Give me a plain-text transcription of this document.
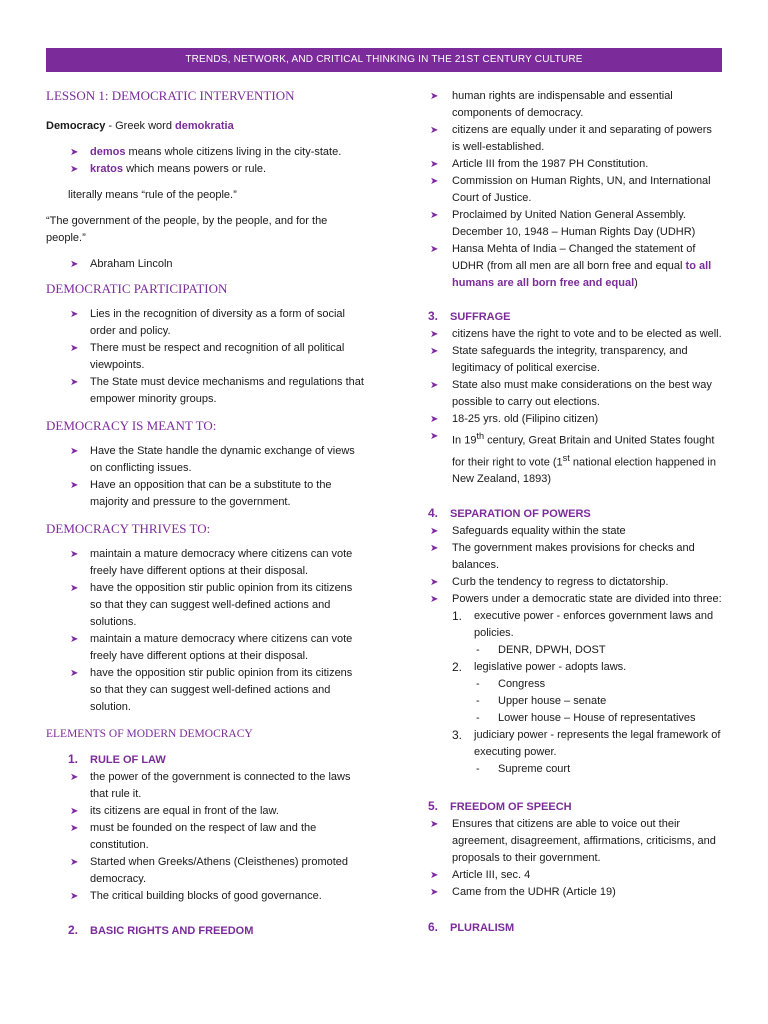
TRENDS, NETWORK, AND CRITICAL THINKING IN THE 21ST CENTURY CULTURE
LESSON 1: DEMOCRATIC INTERVENTION

Democracy - Greek word demokratia

➤ demos means whole citizens living in the city-state.
➤ kratos which means powers or rule.

literally means “rule of the people.”

“The government of the people, by the people, and for the people.”

➤ Abraham Lincoln
DEMOCRATIC PARTICIPATION
➤ Lies in the recognition of diversity as a form of social order and policy.
➤ There must be respect and recognition of all political viewpoints.
➤ The State must device mechanisms and regulations that empower minority groups.
DEMOCRACY IS MEANT TO:
➤ Have the State handle the dynamic exchange of views on conflicting issues.
➤ Have an opposition that can be a substitute to the majority and pressure to the government.
DEMOCRACY THRIVES TO:
➤ maintain a mature democracy where citizens can vote freely have different options at their disposal.
➤ have the opposition stir public opinion from its citizens so that they can suggest well-defined actions and solutions.
➤ maintain a mature democracy where citizens can vote freely have different options at their disposal.
➤ have the opposition stir public opinion from its citizens so that they can suggest well-defined actions and solution.
ELEMENTS OF MODERN DEMOCRACY
1. RULE OF LAW
➤ the power of the government is connected to the laws that rule it.
➤ its citizens are equal in front of the law.
➤ must be founded on the respect of law and the constitution.
➤ Started when Greeks/Athens (Cleisthenes) promoted democracy.
➤ The critical building blocks of good governance.
2. BASIC RIGHTS AND FREEDOM
➤ human rights are indispensable and essential components of democracy.
➤ citizens are equally under it and separating of powers is well-established.
➤ Article III from the 1987 PH Constitution.
➤ Commission on Human Rights, UN, and International Court of Justice.
➤ Proclaimed by United Nation General Assembly. December 10, 1948 – Human Rights Day (UDHR)
➤ Hansa Mehta of India – Changed the statement of UDHR (from all men are all born free and equal to all humans are all born free and equal)
3. SUFFRAGE
➤ citizens have the right to vote and to be elected as well.
➤ State safeguards the integrity, transparency, and legitimacy of political exercise.
➤ State also must make considerations on the best way possible to carry out elections.
➤ 18-25 yrs. old (Filipino citizen)
➤ In 19th century, Great Britain and United States fought for their right to vote (1st national election happened in New Zealand, 1893)
4. SEPARATION OF POWERS
➤ Safeguards equality within the state
➤ The government makes provisions for checks and balances.
➤ Curb the tendency to regress to dictatorship.
➤ Powers under a democratic state are divided into three:
1. executive power - enforces government laws and policies.
- DENR, DPWH, DOST
2. legislative power - adopts laws.
- Congress
- Upper house – senate
- Lower house – House of representatives
3. judiciary power - represents the legal framework of executing power.
- Supreme court
5. FREEDOM OF SPEECH
➤ Ensures that citizens are able to voice out their agreement, disagreement, affirmations, criticisms, and proposals to their government.
➤ Article III, sec. 4
➤ Came from the UDHR (Article 19)
6. PLURALISM
